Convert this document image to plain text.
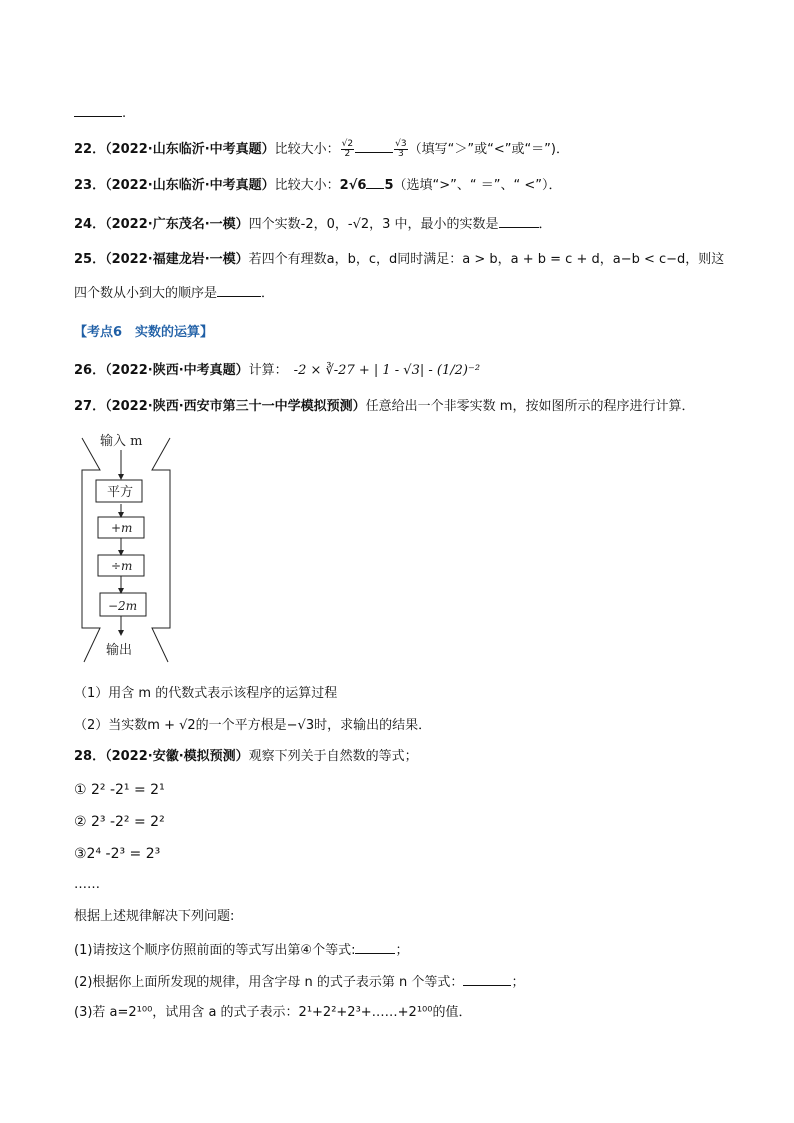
.
22．（2022·山东临沂·中考真题）比较大小： $\frac{√2}{2}$	$\frac{√3}{3}$ （填写“＞”或“<”或“＝”)．
23．（2022·山东临沂·中考真题）比较大小：2√6 5（选填“>”、“ ＝”、“ <”）．
24．（2022·广东茂名·一模）四个实数-2，0，-√2，3 中，最小的实数是	．
25．（2022·福建龙岩·一模）若四个有理数a，b，c，d同时满足：a > b，a + b = c + d，a−b < c−d，则这
四个数从小到大的顺序是	．
【考点6　实数的运算】
26．（2022·陕西·中考真题）计算： -2 × ∛-27 + | 1 - √3| - (1/2)⁻²
27．（2022·陕西·西安市第三十一中学模拟预测）任意给出一个非零实数 m，按如图所示的程序进行计算．
输入 m
平方
+m
÷m
−2m
输出
（1）用含 m 的代数式表示该程序的运算过程
（2）当实数m + √2的一个平方根是−√3时，求输出的结果．
28．（2022·安徽·模拟预测）观察下列关于自然数的等式；
① 2² -2¹ = 2¹
② 2³ -2² = 2²
③2⁴ -2³ = 2³
……
根据上述规律解决下列问题:
(1)请按这个顺序仿照前面的等式写出第④个等式:	；
(2)根据你上面所发现的规律，用含字母 n 的式子表示第 n 个等式：	；
(3)若 a=2¹⁰⁰，试用含 a 的式子表示：2¹+2²+2³+……+2¹⁰⁰的值．
